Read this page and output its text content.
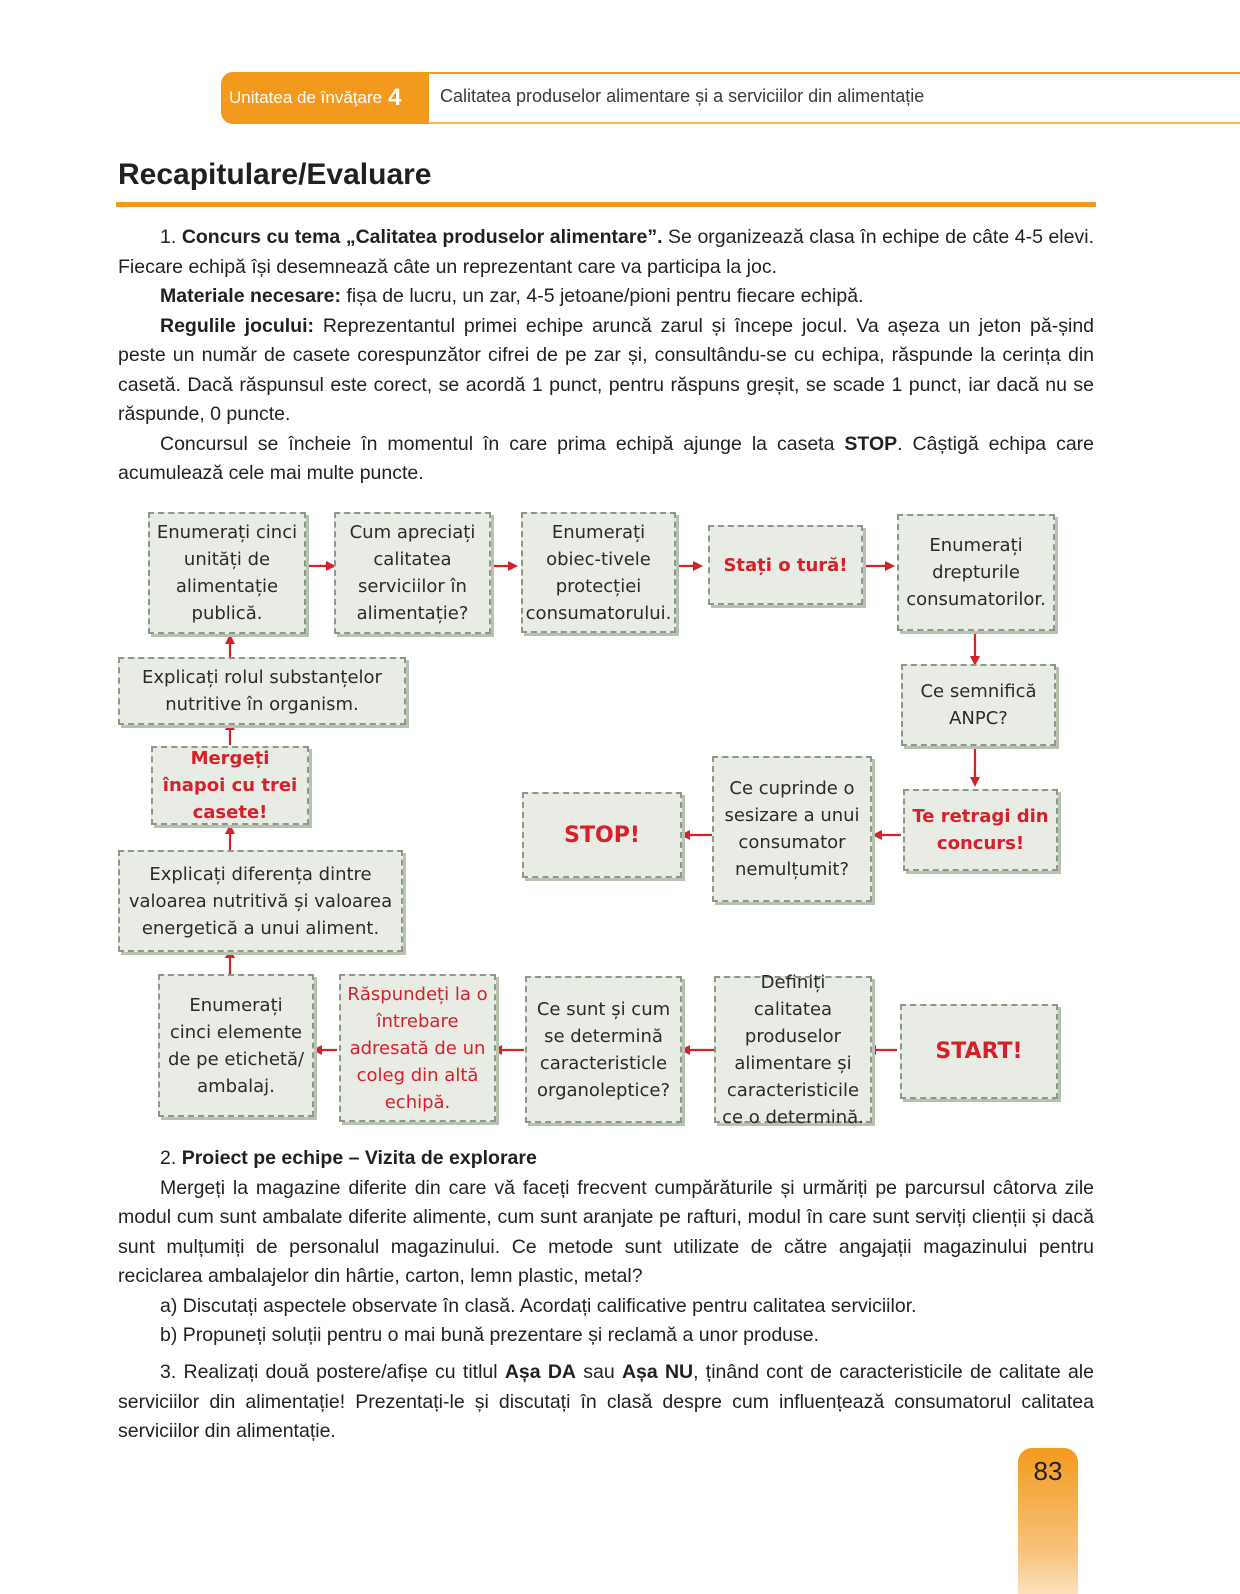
Unitatea de învăţare 4 Calitatea produselor alimentare și a serviciilor din alimentație
Recapitulare/Evaluare

1. Concurs cu tema „Calitatea produselor alimentare”. Se organizează clasa în echipe de câte 4-5 elevi. Fiecare echipă își desemnează câte un reprezentant care va participa la joc.

Materiale necesare: fișa de lucru, un zar, 4-5 jetoane/pioni pentru fiecare echipă.

Regulile jocului: Reprezentantul primei echipe aruncă zarul și începe jocul. Va așeza un jeton pă-șind peste un număr de casete corespunzător cifrei de pe zar și, consultându-se cu echipa, răspunde la cerința din casetă. Dacă răspunsul este corect, se acordă 1 punct, pentru răspuns greșit, se scade 1 punct, iar dacă nu se răspunde, 0 puncte.

Concursul se încheie în momentul în care prima echipă ajunge la caseta STOP. Câștigă echipa care acumulează cele mai multe puncte.

Enumerați cinci unități de alimentație publică.
Cum apreciați calitatea serviciilor în alimentație?
Enumerați obiec-tivele protecției consumatorului.
Stați o tură!
Enumerați drepturile consumatorilor.
Explicați rolul substanțelor nutritive în organism.
Ce semnifică ANPC?
Mergeți înapoi cu trei casete!
STOP!
Ce cuprinde o sesizare a unui consumator nemulțumit?
Te retragi din concurs!
Explicați diferența dintre valoarea nutritivă și valoarea energetică a unui aliment.
Enumerați cinci elemente de pe etichetă/ ambalaj.
Răspundeți la o întrebare adresată de un coleg din altă echipă.
Ce sunt și cum se determină caracteristicle organoleptice?
Definiți calitatea produselor alimentare și caracteristicile ce o determină.
START!

2. Proiect pe echipe – Vizita de explorare

Mergeți la magazine diferite din care vă faceți frecvent cumpărăturile și urmăriți pe parcursul câtorva zile modul cum sunt ambalate diferite alimente, cum sunt aranjate pe rafturi, modul în care sunt serviți clienții și dacă sunt mulțumiți de personalul magazinului. Ce metode sunt utilizate de către angajații magazinului pentru reciclarea ambalajelor din hârtie, carton, lemn plastic, metal?

a) Discutați aspectele observate în clasă. Acordați calificative pentru calitatea serviciilor.

b) Propuneți soluții pentru o mai bună prezentare și reclamă a unor produse.

3. Realizați două postere/afișe cu titlul Așa DA sau Așa NU, ținând cont de caracteristicile de calitate ale serviciilor din alimentație! Prezentați-le și discutați în clasă despre cum influențează consumatorul calitatea serviciilor din alimentație.

83
